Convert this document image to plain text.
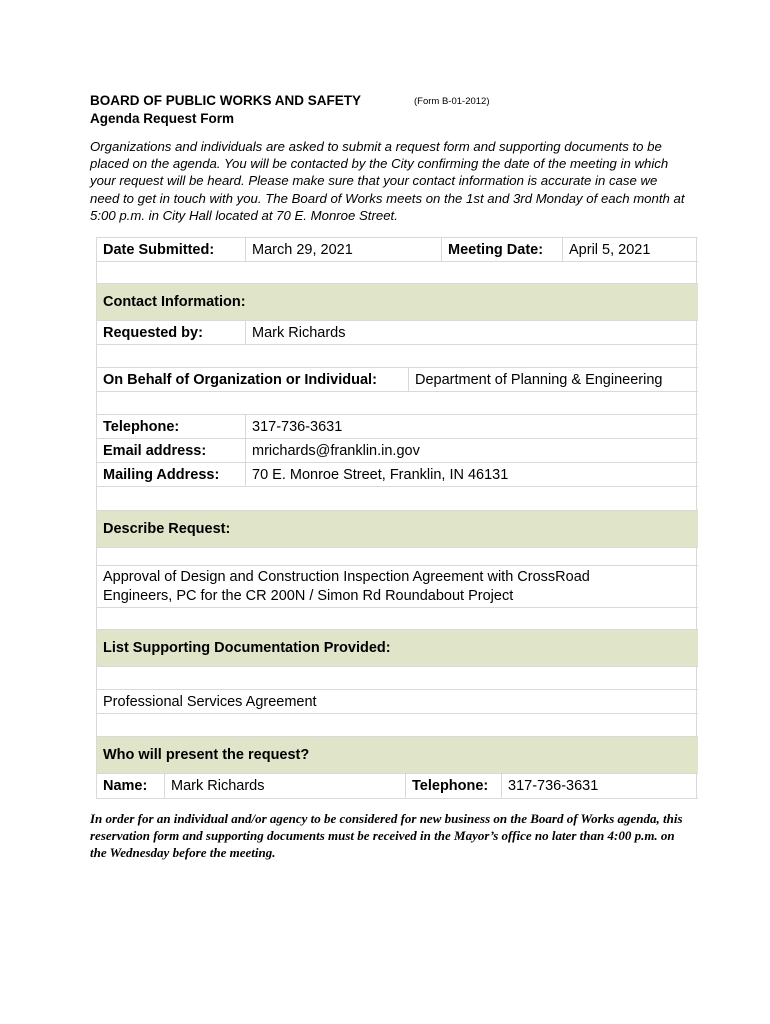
BOARD OF PUBLIC WORKS AND SAFETY	(Form B-01-2012)
Agenda Request Form
Organizations and individuals are asked to submit a request form and supporting documents to be placed on the agenda. You will be contacted by the City confirming the date of the meeting in which your request will be heard. Please make sure that your contact information is accurate in case we need to get in touch with you. The Board of Works meets on the 1st and 3rd Monday of each month at 5:00 p.m. in City Hall located at 70 E. Monroe Street.
Date Submitted:	March 29, 2021	Meeting Date:	April 5, 2021
Contact Information:
Requested by:	Mark Richards
On Behalf of Organization or Individual:	Department of Planning & Engineering
Telephone:	317-736-3631
Email address:	mrichards@franklin.in.gov
Mailing Address:	70 E. Monroe Street, Franklin, IN 46131
Describe Request:
Approval of Design and Construction Inspection Agreement with CrossRoad
Engineers, PC for the CR 200N / Simon Rd Roundabout Project
List Supporting Documentation Provided:
Professional Services Agreement
Who will present the request?
Name:	Mark Richards	Telephone:	317-736-3631
In order for an individual and/or agency to be considered for new business on the Board of Works agenda, this reservation form and supporting documents must be received in the Mayor’s office no later than 4:00 p.m. on the Wednesday before the meeting.
